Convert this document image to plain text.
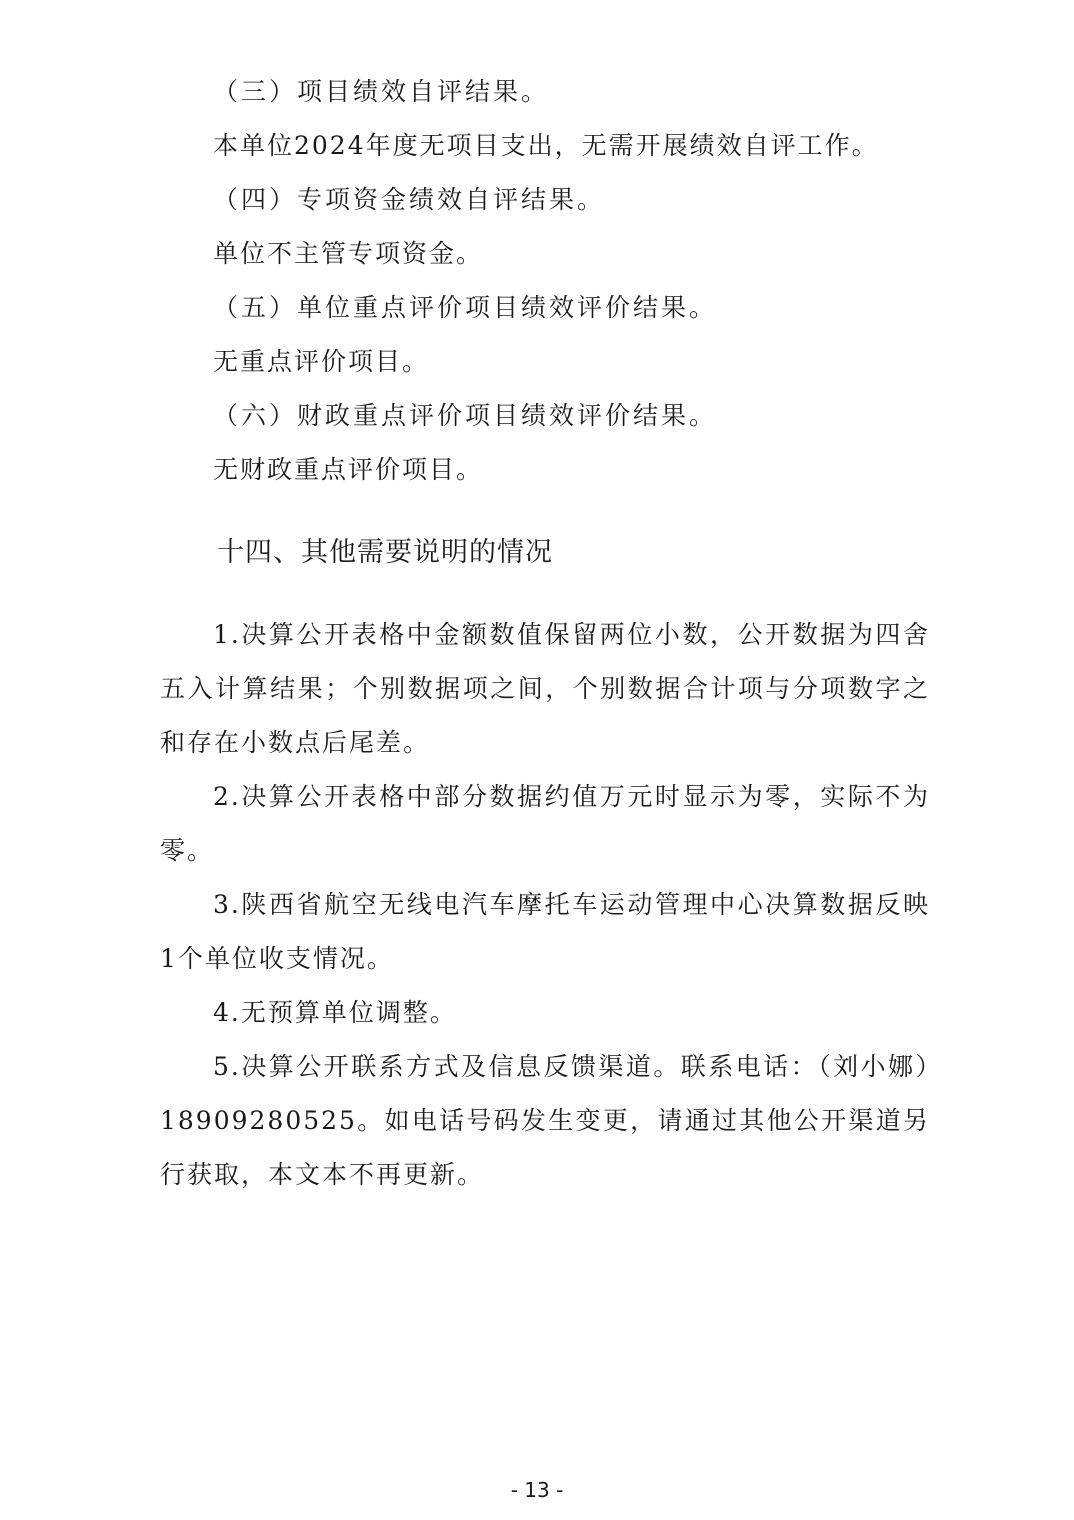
（三）项目绩效自评结果。
本单位2024年度无项目支出，无需开展绩效自评工作。
（四）专项资金绩效自评结果。
单位不主管专项资金。
（五）单位重点评价项目绩效评价结果。
无重点评价项目。
（六）财政重点评价项目绩效评价结果。
无财政重点评价项目。
十四、其他需要说明的情况
1.决算公开表格中金额数值保留两位小数，公开数据为四舍五入计算结果；个别数据项之间，个别数据合计项与分项数字之和存在小数点后尾差。
2.决算公开表格中部分数据约值万元时显示为零，实际不为零。
3.陕西省航空无线电汽车摩托车运动管理中心决算数据反映1个单位收支情况。
4.无预算单位调整。
5.决算公开联系方式及信息反馈渠道。联系电话：（刘小娜）18909280525。如电话号码发生变更，请通过其他公开渠道另行获取，本文本不再更新。
- 13 -
